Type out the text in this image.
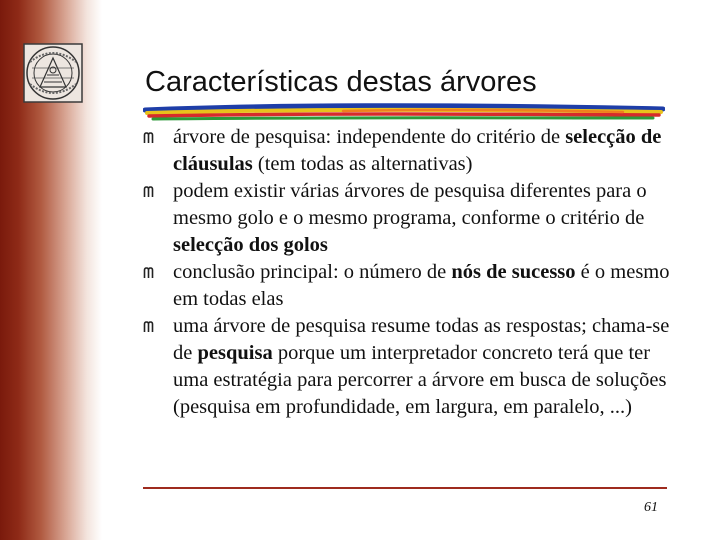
Características destas árvores
árvore de pesquisa: independente do critério de selecção de cláusulas (tem todas as alternativas)
podem existir várias árvores de pesquisa diferentes para o mesmo golo e o mesmo programa, conforme o critério de selecção dos golos
conclusão principal: o número de nós de sucesso é o mesmo em todas elas
uma árvore de pesquisa resume todas as respostas; chama-se de pesquisa porque um interpretador concreto terá que ter uma estratégia para percorrer a árvore em busca de soluções (pesquisa em profundidade, em largura, em paralelo, ...)
61
